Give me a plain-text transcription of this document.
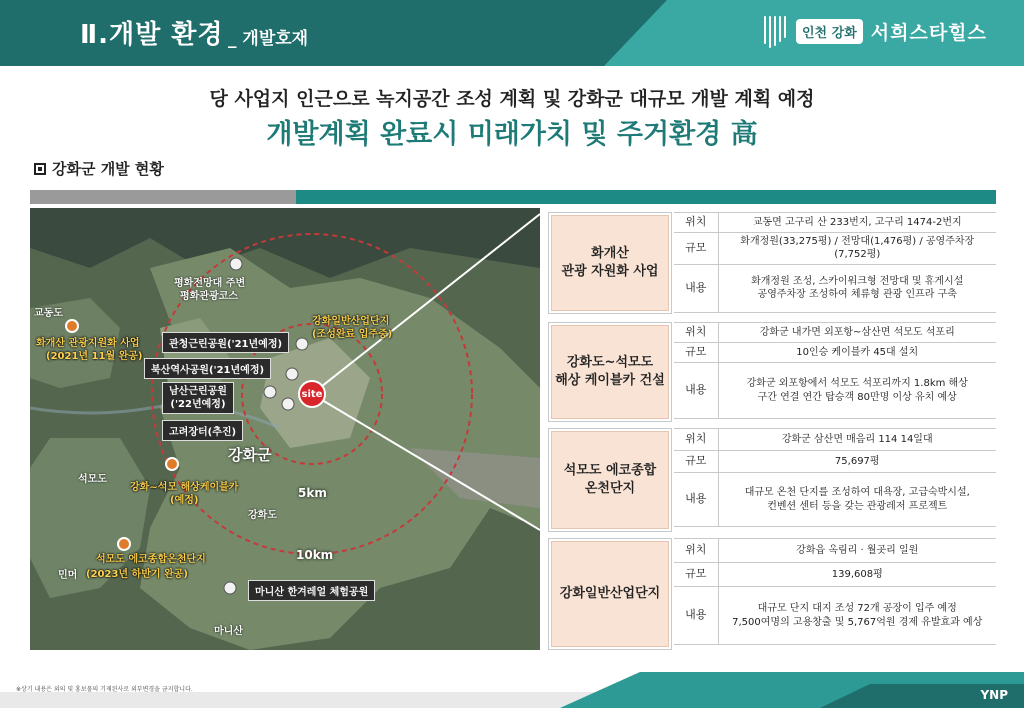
Ⅱ.개발 환경 _ 개발호재	인천 강화 서희스타힐스
당 사업지 인근으로 녹지공간 조성 계획 및 강화군 대규모 개발 계획 예정
개발계획 완료시 미래가치 및 주거환경 高
강화군 개발 현황
교동도
화개산 관광지원화 사업
(2021년 11월 완공)
평화전망대 주변
평화관광코스
강화일반산업단지
(조성완료 입주중)
관청근린공원('21년예정)
북산역사공원('21년예정)
남산근린공원
('22년예정)
고려장터(추진)
site
강화군
석모도
강화~석모 해상케이블카
(예정)
5km
강화도
10km
석모도 에코종합온천단지
민머 (2023년 하반기 완공)
마니산 한겨레얼 체험공원
마니산
화개산
관광 자원화 사업
위치	교동면 고구리 산 233번지, 고구리 1474-2번지
규모	화개정원(33,275평) / 전망대(1,476평) / 공영주차장
(7,752평)
내용	화개정원 조성, 스카이워크형 전망대 및 휴게시설
공영주차장 조성하여 체류형 관광 인프라 구축
강화도~석모도
해상 케이블카 건설
위치	강화군 내가면 외포항~삼산면 석모도 석포리
규모	10인승 케이블카 45대 설치
내용	강화군 외포항에서 석모도 석포리까지 1.8km 해상
구간 연결 연간 탑승객 80만명 이상 유치 예상
석모도 에코종합
온천단지
위치	강화군 삼산면 매음리 114 14일대
규모	75,697평
내용	대규모 온천 단지를 조성하여 대욕장, 고급숙박시설,
컨벤션 센터 등을 갖는 관광레저 프로젝트
강화일반산업단지
위치	강화읍 옥림리 · 월곳리 일원
규모	139,608평
내용	대규모 단지 대지 조성 72개 공장이 입주 예정
7,500여명의 고용창출 및 5,767억원 경제 유발효과 예상
※상기 내용은 외의 및 홍보물의 기재된사로 외부변경을 금지합니다.	YNP
